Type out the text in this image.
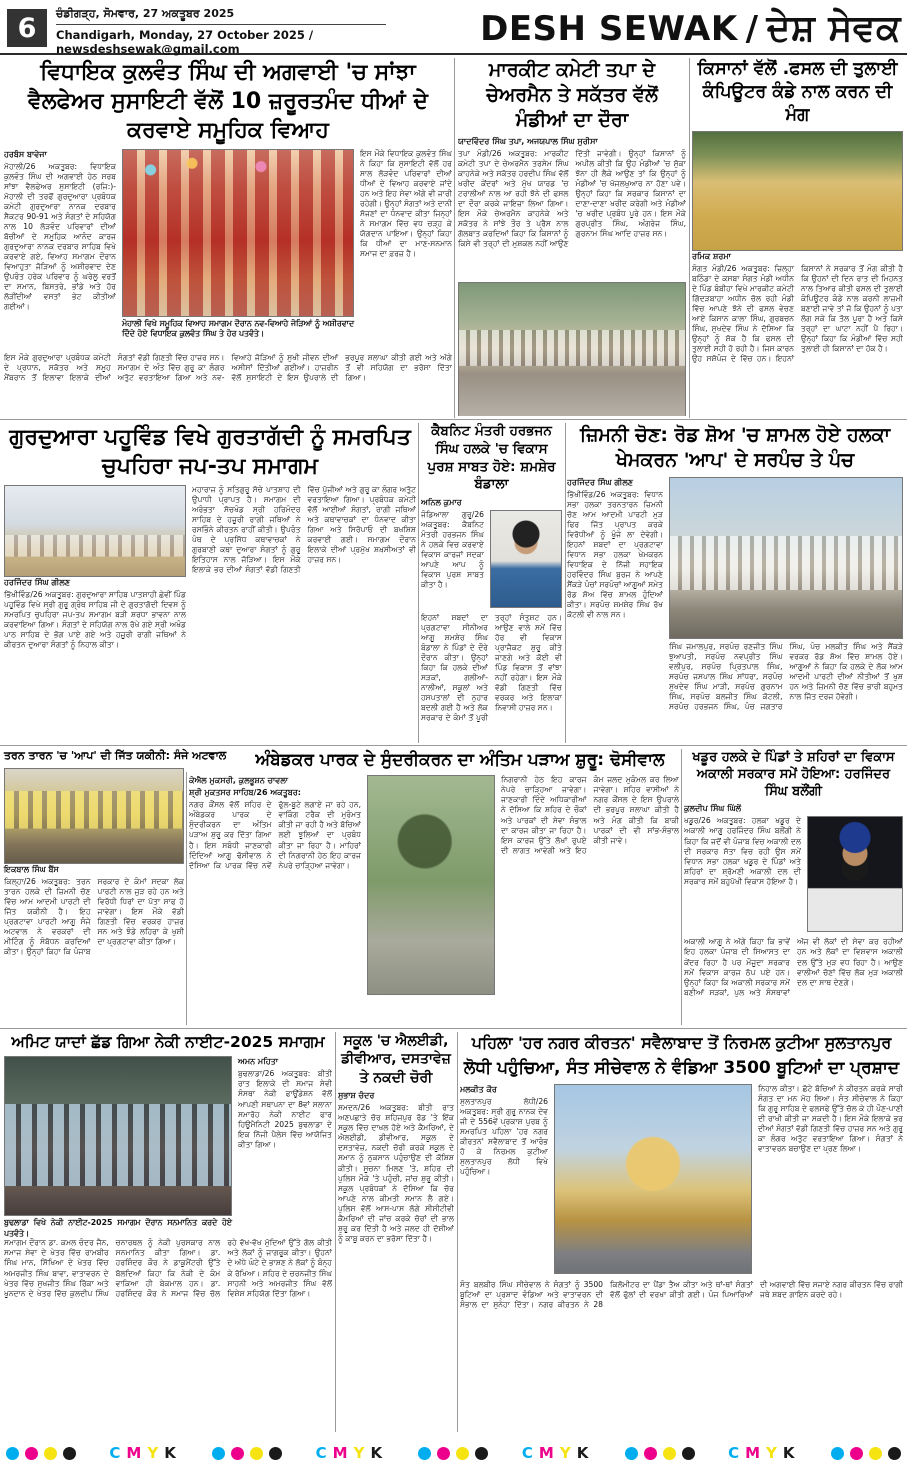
6	ਚੰਡੀਗੜ੍ਹ, ਸੋਮਵਾਰ, 27 ਅਕਤੂਬਰ 2025
Chandigarh, Monday, 27 October 2025 / newsdeshsewak@gmail.com	DESH SEWAK / ਦੇਸ਼ ਸੇਵਕ
ਵਿਧਾਇਕ ਕੁਲਵੰਤ ਸਿੰਘ ਦੀ ਅਗਵਾਈ 'ਚ ਸਾਂਝਾ ਵੈਲਫੇਅਰ ਸੁਸਾਇਟੀ ਵੱਲੋਂ 10 ਜ਼ਰੂਰਤਮੰਦ ਧੀਆਂ ਦੇ ਕਰਵਾਏ ਸਮੂਹਿਕ ਵਿਆਹ
ਹਰਬੰਸ ਬਾਵੇਜਾ
ਮੋਹਾਲੀ/26 ਅਕਤੂਬਰ: ਵਿਧਾਇਕ ਕੁਲਵੰਤ ਸਿੰਘ ਦੀ ਅਗਵਾਈ ਹੇਠ ਸਰਬ ਸਾਂਝਾ ਵੈਲਫੇਅਰ ਸੁਸਾਇਟੀ (ਰਜਿ:)-ਮੋਹਾਲੀ ਦੀ ਤਰਫੋਂ ਗੁਰਦੁਆਰਾ ਪ੍ਰਬੰਧਕ ਕਮੇਟੀ ਗੁਰਦੁਆਰਾ ਨਾਨਕ ਦਰਬਾਰ ਸੈਕਟਰ 90-91 ਅਤੇ ਸੰਗਤਾਂ ਦੇ ਸਹਿਯੋਗ ਨਾਲ 10 ਲੋੜਵੰਦ ਪਰਿਵਾਰਾਂ ਦੀਆਂ ਬੱਚੀਆਂ ਦੇ ਸਮੂਹਿਕ ਆਨੰਦ ਕਾਰਜ ਗੁਰਦੁਆਰਾ ਨਾਨਕ ਦਰਬਾਰ ਸਾਹਿਬ ਵਿਖੇ ਕਰਵਾਏ ਗਏ, ਵਿਆਹ ਸਮਾਗਮ ਦੌਰਾਨ ਵਿਆਹੁਤਾ ਜੋੜਿਆਂ ਨੂੰ ਅਸ਼ੀਰਵਾਦ ਦੇਣ ਉਪਰੰਤ ਹਰੇਕ ਪਰਿਵਾਰ ਨੂੰ ਘਰੇਲੂ ਵਰਤੋਂ ਦਾ ਸਮਾਨ, ਬਿਸਤਰੇ, ਭਾਂਡੇ ਅਤੇ ਹੋਰ ਲੋੜੀਂਦੀਆਂ ਵਸਤਾਂ ਭੇਟ ਕੀਤੀਆਂ ਗਈਆਂ।
ਮੋਹਾਲੀ ਵਿਖੇ ਸਮੂਹਿਕ ਵਿਆਹ ਸਮਾਗਮ ਦੌਰਾਨ ਨਵ-ਵਿਆਹੇ ਜੋੜਿਆਂ ਨੂੰ ਅਸ਼ੀਰਵਾਦ ਦਿੰਦੇ ਹੋਏ ਵਿਧਾਇਕ ਕੁਲਵੰਤ ਸਿੰਘ ਤੇ ਹੋਰ ਪਤਵੰਤੇ।
ਇਸ ਮੌਕੇ ਵਿਧਾਇਕ ਕੁਲਵੰਤ ਸਿੰਘ ਨੇ ਕਿਹਾ ਕਿ ਸੁਸਾਇਟੀ ਵੱਲੋਂ ਹਰ ਸਾਲ ਲੋੜਵੰਦ ਪਰਿਵਾਰਾਂ ਦੀਆਂ ਧੀਆਂ ਦੇ ਵਿਆਹ ਕਰਵਾਏ ਜਾਂਦੇ ਹਨ ਅਤੇ ਇਹ ਸੇਵਾ ਅੱਗੇ ਵੀ ਜਾਰੀ ਰਹੇਗੀ। ਉਨ੍ਹਾਂ ਸੰਗਤਾਂ ਅਤੇ ਦਾਨੀ ਸੱਜਣਾਂ ਦਾ ਧੰਨਵਾਦ ਕੀਤਾ ਜਿਨ੍ਹਾਂ ਨੇ ਸਮਾਗਮ ਵਿੱਚ ਵਧ ਚੜ੍ਹ ਕੇ ਯੋਗਦਾਨ ਪਾਇਆ। ਉਨ੍ਹਾਂ ਕਿਹਾ ਕਿ ਧੀਆਂ ਦਾ ਮਾਣ-ਸਨਮਾਨ ਸਮਾਜ ਦਾ ਫ਼ਰਜ਼ ਹੈ।
ਇਸ ਮੌਕੇ ਗੁਰਦੁਆਰਾ ਪ੍ਰਬੰਧਕ ਕਮੇਟੀ ਦੇ ਪ੍ਰਧਾਨ, ਸਕੱਤਰ ਅਤੇ ਸਮੂਹ ਮੈਂਬਰਾਨ ਤੋਂ ਇਲਾਵਾ ਇਲਾਕੇ ਦੀਆਂ ਸੰਗਤਾਂ ਵੱਡੀ ਗਿਣਤੀ ਵਿੱਚ ਹਾਜ਼ਰ ਸਨ। ਸਮਾਗਮ ਦੇ ਅੰਤ ਵਿੱਚ ਗੁਰੂ ਕਾ ਲੰਗਰ ਅਤੁੱਟ ਵਰਤਾਇਆ ਗਿਆ ਅਤੇ ਨਵ-ਵਿਆਹੇ ਜੋੜਿਆਂ ਨੂੰ ਸੁਖੀ ਜੀਵਨ ਦੀਆਂ ਅਸੀਸਾਂ ਦਿੱਤੀਆਂ ਗਈਆਂ। ਹਾਜ਼ਰੀਨ ਵੱਲੋਂ ਸੁਸਾਇਟੀ ਦੇ ਇਸ ਉਪਰਾਲੇ ਦੀ ਭਰਪੂਰ ਸ਼ਲਾਘਾ ਕੀਤੀ ਗਈ ਅਤੇ ਅੱਗੇ ਤੋਂ ਵੀ ਸਹਿਯੋਗ ਦਾ ਭਰੋਸਾ ਦਿੱਤਾ ਗਿਆ।
ਮਾਰਕੀਟ ਕਮੇਟੀ ਤਪਾ ਦੇ ਚੇਅਰਮੈਨ ਤੇ ਸਕੱਤਰ ਵੱਲੋਂ ਮੰਡੀਆਂ ਦਾ ਦੌਰਾ
ਯਾਦਵਿੰਦਰ ਸਿੰਘ ਤਪਾ, ਅਜਯਪਾਲ ਸਿੰਘ ਸੁਰੀਸਾ
ਤਪਾ ਮੰਡੀ/26 ਅਕਤੂਬਰ: ਮਾਰਕੀਟ ਕਮੇਟੀ ਤਪਾ ਦੇ ਚੇਅਰਮੈਨ ਤਰਸੇਮ ਸਿੰਘ ਕਾਹਨੇਕੇ ਅਤੇ ਸਕੱਤਰ ਹਰਦੀਪ ਸਿੰਘ ਵੱਲੋਂ ਖਰੀਦ ਕੇਂਦਰਾਂ ਅਤੇ ਮੁੱਖ ਯਾਰਡ 'ਚ ਟਰਾਲੀਆਂ ਨਾਲ ਆ ਰਹੀ ਝੋਨੇ ਦੀ ਫਸਲ ਦਾ ਦੌਰਾ ਕਰਕੇ ਜਾਇਜ਼ਾ ਲਿਆ ਗਿਆ। ਇਸ ਮੌਕੇ ਚੇਅਰਮੈਨ ਕਾਹਨੇਕੇ ਅਤੇ ਸਕੱਤਰ ਨੇ ਸਾਂਝੇ ਤੌਰ ਤੇ ਪ੍ਰੈਸ ਨਾਲ ਗੱਲਬਾਤ ਕਰਦਿਆਂ ਕਿਹਾ ਕਿ ਕਿਸਾਨਾਂ ਨੂੰ ਕਿਸੇ ਵੀ ਤਰ੍ਹਾਂ ਦੀ ਮੁਸ਼ਕਲ ਨਹੀਂ ਆਉਣ ਦਿੱਤੀ ਜਾਵੇਗੀ। ਉਨ੍ਹਾਂ ਕਿਸਾਨਾਂ ਨੂੰ ਅਪੀਲ ਕੀਤੀ ਕਿ ਉਹ ਮੰਡੀਆਂ 'ਚ ਸੁੱਕਾ ਝੋਨਾ ਹੀ ਲੈਕੇ ਆਉਣ ਤਾਂ ਕਿ ਉਨ੍ਹਾਂ ਨੂੰ ਮੰਡੀਆਂ 'ਚ ਖੱਜਲਖੁਆਰ ਨਾ ਹੋਣਾ ਪਵੇ। ਉਨ੍ਹਾਂ ਕਿਹਾ ਕਿ ਸਰਕਾਰ ਕਿਸਾਨਾਂ ਦਾ ਦਾਣਾ-ਦਾਣਾ ਖਰੀਦ ਕਰੇਗੀ ਅਤੇ ਮੰਡੀਆਂ 'ਚ ਖਰੀਦ ਪ੍ਰਬੰਧ ਪੂਰੇ ਹਨ। ਇਸ ਮੌਕੇ ਗੁਰਪ੍ਰੀਤ ਸਿੰਘ, ਅੰਗਰੇਜ ਸਿੰਘ, ਗੁਰਨਾਮ ਸਿੰਘ ਆਦਿ ਹਾਜ਼ਰ ਸਨ।
ਕਿਸਾਨਾਂ ਵੱਲੋਂ .ਫਸਲ ਦੀ ਤੁਲਾਈ ਕੰਪਿਊਟਰ ਕੰਡੇ ਨਾਲ ਕਰਨ ਦੀ ਮੰਗ
ਰਮਿਕ ਸ਼ਰਮਾ
ਸੰਗਤ ਮੰਡੀ/26 ਅਕਤੂਬਰ: ਜ਼ਿਲ੍ਹਾ ਬਠਿੰਡਾ ਦੇ ਕਸਬਾ ਸੰਗਤ ਮੰਡੀ ਅਧੀਨ ਦੇ ਪਿੰਡ ਬੰਬੀਹਾ ਵਿਖੇ ਮਾਰਕੀਟ ਕਮੇਟੀ ਗਿੱਦੜਬਾਹਾ ਅਧੀਨ ਚੱਲ ਰਹੀ ਮੰਡੀ ਵਿੱਚ ਆਪਣੇ ਝੋਨੇ ਦੀ ਫਸਲ ਵੇਚਣ ਆਏ ਕਿਸਾਨ ਕਾਲਾ ਸਿੰਘ, ਗੁਰਬਚਨ ਸਿੰਘ, ਸੁਖਦੇਵ ਸਿੰਘ ਨੇ ਦੱਸਿਆ ਕਿ ਉਨ੍ਹਾਂ ਨੂੰ ਸ਼ੱਕ ਹੈ ਕਿ ਫਸਲ ਦੀ ਤੁਲਾਈ ਸਹੀ ਹੋ ਰਹੀ ਹੈ। ਜਿਸ ਕਾਰਨ ਉਹ ਸਸ਼ੋਪੰਜ ਦੇ ਵਿੱਚ ਹਨ। ਇਹਨਾਂ ਕਿਸਾਨਾਂ ਨੇ ਸਰਕਾਰ ਤੋਂ ਮੰਗ ਕੀਤੀ ਹੈ ਕਿ ਉਹਨਾਂ ਦੀ ਦਿਨ ਰਾਤ ਦੀ ਮਿਹਨਤ ਨਾਲ ਤਿਆਰ ਕੀਤੀ ਫਸਲ ਦੀ ਤੁਲਾਈ ਕੰਪਿਊਟਰ ਕੰਡੇ ਨਾਲ ਕਰਨੀ ਲਾਜ਼ਮੀ ਬਣਾਈ ਜਾਵੇ ਤਾਂ ਜੋ ਕਿ ਉਹਨਾਂ ਨੂੰ ਪਤਾ ਲੱਗ ਸਕੇ ਕਿ ਤੋਲ ਪੂਰਾ ਹੈ ਅਤੇ ਕਿਸੇ ਤਰ੍ਹਾਂ ਦਾ ਘਾਟਾ ਨਹੀਂ ਪੈ ਰਿਹਾ। ਉਨ੍ਹਾਂ ਕਿਹਾ ਕਿ ਮੰਡੀਆਂ ਵਿੱਚ ਸਹੀ ਤੁਲਾਈ ਹੀ ਕਿਸਾਨਾਂ ਦਾ ਹੱਕ ਹੈ।
ਗੁਰਦੁਆਰਾ ਪਹੂਵਿੰਡ ਵਿਖੇ ਗੁਰਤਾਗੱਦੀ ਨੂੰ ਸਮਰਪਿਤ ਚੁਪਹਿਰਾ ਜਪ-ਤਪ ਸਮਾਗਮ
ਹਰਜਿੰਦਰ ਸਿੰਘ ਗੀਲਣ
ਭਿੱਖੀਵਿੰਡ/26 ਅਕਤੂਬਰ: ਗੁਰਦੁਆਰਾ ਸਾਹਿਬ ਪਾਤਸ਼ਾਹੀ ਛੇਵੀਂ ਪਿੰਡ ਪਹੂਵਿੰਡ ਵਿਖੇ ਸ੍ਰੀ ਗੁਰੂ ਗ੍ਰੰਥ ਸਾਹਿਬ ਜੀ ਦੇ ਗੁਰਤਾਗੱਦੀ ਦਿਵਸ ਨੂੰ ਸਮਰਪਿਤ ਚੁਪਹਿਰਾ ਜਪ-ਤਪ ਸਮਾਗਮ ਬੜੀ ਸ਼ਰਧਾ ਭਾਵਨਾ ਨਾਲ ਕਰਵਾਇਆ ਗਿਆ। ਸੰਗਤਾਂ ਦੇ ਸਹਿਯੋਗ ਨਾਲ ਰੱਖੇ ਗਏ ਸ੍ਰੀ ਅਖੰਡ ਪਾਠ ਸਾਹਿਬ ਦੇ ਭੋਗ ਪਾਏ ਗਏ ਅਤੇ ਹਜ਼ੂਰੀ ਰਾਗੀ ਜਥਿਆਂ ਨੇ ਕੀਰਤਨ ਦੁਆਰਾ ਸੰਗਤਾਂ ਨੂੰ ਨਿਹਾਲ ਕੀਤਾ।
ਮਹਾਰਾਜ ਨੂੰ ਸਤਿਗੁਰੂ ਸੱਚੇ ਪਾਤਸ਼ਾਹ ਦੀ ਉਪਾਧੀ ਪ੍ਰਾਪਤ ਹੈ। ਸਮਾਗਮ ਦੀ ਅਰੰਭਤਾ ਸੱਚਖੰਡ ਸ੍ਰੀ ਹਰਿਮੰਦਰ ਸਾਹਿਬ ਦੇ ਹਜ਼ੂਰੀ ਰਾਗੀ ਜਥਿਆਂ ਨੇ ਰਸਭਿੰਨੇ ਕੀਰਤਨ ਰਾਹੀਂ ਕੀਤੀ। ਉਪਰੰਤ ਪੰਥ ਦੇ ਪ੍ਰਸਿੱਧ ਕਥਾਵਾਚਕਾਂ ਨੇ ਗੁਰਬਾਣੀ ਕਥਾ ਦੁਆਰਾ ਸੰਗਤਾਂ ਨੂੰ ਗੁਰੂ ਇਤਿਹਾਸ ਨਾਲ ਜੋੜਿਆ। ਇਸ ਮੌਕੇ ਇਲਾਕੇ ਭਰ ਦੀਆਂ ਸੰਗਤਾਂ ਵੱਡੀ ਗਿਣਤੀ ਵਿੱਚ ਪੁੱਜੀਆਂ ਅਤੇ ਗੁਰੂ ਕਾ ਲੰਗਰ ਅਤੁੱਟ ਵਰਤਾਇਆ ਗਿਆ। ਪ੍ਰਬੰਧਕ ਕਮੇਟੀ ਵੱਲੋਂ ਆਈਆਂ ਸੰਗਤਾਂ, ਰਾਗੀ ਜਥਿਆਂ ਅਤੇ ਕਥਾਵਾਚਕਾਂ ਦਾ ਧੰਨਵਾਦ ਕੀਤਾ ਗਿਆ ਅਤੇ ਸਿਰੋਪਾਓ ਦੀ ਬਖਸ਼ਿਸ਼ ਕਰਵਾਈ ਗਈ। ਸਮਾਗਮ ਦੌਰਾਨ ਇਲਾਕੇ ਦੀਆਂ ਪ੍ਰਮੁੱਖ ਸ਼ਖ਼ਸੀਅਤਾਂ ਵੀ ਹਾਜ਼ਰ ਸਨ।
ਕੈਬਨਿਟ ਮੰਤਰੀ ਹਰਭਜਨ ਸਿੰਘ ਹਲਕੇ 'ਚ ਵਿਕਾਸ ਪੁਰਸ਼ ਸਾਬਤ ਹੋਏ: ਸ਼ਮਸ਼ੇਰ ਬੰਡਾਲਾ
ਅਨਿਲ ਕੁਮਾਰ
ਜੰਡਿਆਲਾ ਗੁਰੂ/26 ਅਕਤੂਬਰ: ਕੈਬਨਿਟ ਮੰਤਰੀ ਹਰਭਜਨ ਸਿੰਘ ਨੇ ਹਲਕੇ ਵਿਚ ਕਰਵਾਏ ਵਿਕਾਸ ਕਾਰਜਾਂ ਸਦਕਾ ਆਪਣੇ ਆਪ ਨੂੰ ਵਿਕਾਸ ਪੁਰਸ਼ ਸਾਬਤ ਕੀਤਾ ਹੈ।
ਇਹਨਾਂ ਸ਼ਬਦਾਂ ਦਾ ਪ੍ਰਗਟਾਵਾ ਸੀਨੀਅਰ ਆਗੂ ਸ਼ਮਸ਼ੇਰ ਸਿੰਘ ਬੰਡਾਲਾ ਨੇ ਪਿੰਡਾਂ ਦੇ ਦੌਰੇ ਦੌਰਾਨ ਕੀਤਾ। ਉਨ੍ਹਾਂ ਕਿਹਾ ਕਿ ਹਲਕੇ ਦੀਆਂ ਸੜਕਾਂ, ਗਲੀਆਂ-ਨਾਲੀਆਂ, ਸਕੂਲਾਂ ਅਤੇ ਹਸਪਤਾਲਾਂ ਦੀ ਨੁਹਾਰ ਬਦਲੀ ਗਈ ਹੈ ਅਤੇ ਲੋਕ ਸਰਕਾਰ ਦੇ ਕੰਮਾਂ ਤੋਂ ਪੂਰੀ ਤਰ੍ਹਾਂ ਸੰਤੁਸ਼ਟ ਹਨ। ਆਉਣ ਵਾਲੇ ਸਮੇਂ ਵਿੱਚ ਹੋਰ ਵੀ ਵਿਕਾਸ ਪ੍ਰਾਜੈਕਟ ਸ਼ੁਰੂ ਕੀਤੇ ਜਾਣਗੇ ਅਤੇ ਕੋਈ ਵੀ ਪਿੰਡ ਵਿਕਾਸ ਤੋਂ ਵਾਂਝਾ ਨਹੀਂ ਰਹੇਗਾ। ਇਸ ਮੌਕੇ ਵੱਡੀ ਗਿਣਤੀ ਵਿੱਚ ਵਰਕਰ ਅਤੇ ਇਲਾਕਾ ਨਿਵਾਸੀ ਹਾਜ਼ਰ ਸਨ।
ਜ਼ਿਮਨੀ ਚੋਣ: ਰੋਡ ਸ਼ੋਅ 'ਚ ਸ਼ਾਮਲ ਹੋਏ ਹਲਕਾ ਖੇਮਕਰਨ 'ਆਪ' ਦੇ ਸਰਪੰਚ ਤੇ ਪੰਚ
ਹਰਜਿੰਦਰ ਸਿੰਘ ਗੀਲਣ
ਭਿੱਖੀਵਿੰਡ/26 ਅਕਤੂਬਰ: ਵਿਧਾਨ ਸਭਾ ਹਲਕਾ ਤਰਨਤਾਰਨ ਜ਼ਿਮਨੀ ਚੋਣ ਆਮ ਆਦਮੀ ਪਾਰਟੀ ਮੁੜ ਫਿਰ ਜਿੱਤ ਪ੍ਰਾਪਤ ਕਰਕੇ ਵਿਰੋਧੀਆਂ ਨੂੰ ਖੂੰਜੇ ਲਾ ਦੇਵੇਗੀ। ਇਹਨਾਂ ਸ਼ਬਦਾਂ ਦਾ ਪ੍ਰਗਟਾਵਾ ਵਿਧਾਨ ਸਭਾ ਹਲਕਾ ਖੇਮਕਰਨ ਵਿਧਾਇਕ ਦੇ ਨਿੱਜੀ ਸਹਾਇਕ ਹਰਵਿੰਦਰ ਸਿੰਘ ਬੁਰਜ ਨੇ ਆਪਣੇ ਸੈਂਕੜੇ ਪੰਚਾਂ ਸਰਪੰਚਾਂ ਆਗੂਆਂ ਸਮੇਤ ਰੋਡ ਸ਼ੋਅ ਵਿੱਚ ਸ਼ਾਮਲ ਹੁੰਦਿਆਂ ਕੀਤਾ। ਸਰਪੰਚ ਸ਼ਮਸ਼ੇਰ ਸਿੰਘ ਰੱਖ ਕੋਟਲੀ ਵੀ ਨਾਲ ਸਨ।
ਸਿੰਘ ਜਮਾਲਪੁਰ, ਸਰਪੰਚ ਰਣਜੀਤ ਸਿੰਘ ਝੁਆਪਤੀ, ਸਰਪੰਚ ਨਵਪ੍ਰੀਤ ਸਿੰਘ ਵਲੀਪੁਰ, ਸਰਪੰਚ ਪ੍ਰਿਤਪਾਲ ਸਿੰਘ, ਸਰਪੰਚ ਜਸਪਾਲ ਸਿੰਘ ਸਾਂਧਰਾ, ਸਰਪੰਚ ਸੁਖਦੇਵ ਸਿੰਘ ਮਾੜੀ, ਸਰਪੰਚ ਗੁਰਨਾਮ ਸਿੰਘ, ਸਰਪੰਚ ਬਲਜੀਤ ਸਿੰਘ ਕੋਟਲੀ, ਸਰਪੰਚ ਹਰਭਜਨ ਸਿੰਘ, ਪੰਚ ਜਗਤਾਰ ਸਿੰਘ, ਪੰਚ ਮਲਕੀਤ ਸਿੰਘ ਅਤੇ ਸੈਂਕੜੇ ਵਰਕਰ ਰੋਡ ਸ਼ੋਅ ਵਿੱਚ ਸ਼ਾਮਲ ਹੋਏ। ਆਗੂਆਂ ਨੇ ਕਿਹਾ ਕਿ ਹਲਕੇ ਦੇ ਲੋਕ ਆਮ ਆਦਮੀ ਪਾਰਟੀ ਦੀਆਂ ਨੀਤੀਆਂ ਤੋਂ ਖੁਸ਼ ਹਨ ਅਤੇ ਜ਼ਿਮਨੀ ਚੋਣ ਵਿੱਚ ਭਾਰੀ ਬਹੁਮਤ ਨਾਲ ਜਿੱਤ ਦਰਜ ਹੋਵੇਗੀ।
ਤਰਨ ਤਾਰਨ 'ਚ 'ਆਪ' ਦੀ ਜਿੱਤ ਯਕੀਨੀ: ਸੰਜੇ ਅਟਵਾਲ
ਇਕਬਾਲ ਸਿੰਘ ਬੈਂਸ
ਕਿਲ੍ਹਾ/26 ਅਕਤੂਬਰ: ਤਰਨ ਤਾਰਨ ਹਲਕੇ ਦੀ ਜ਼ਿਮਨੀ ਚੋਣ ਵਿੱਚ ਆਮ ਆਦਮੀ ਪਾਰਟੀ ਦੀ ਜਿੱਤ ਯਕੀਨੀ ਹੈ। ਇਹ ਪ੍ਰਗਟਾਵਾ ਪਾਰਟੀ ਆਗੂ ਸੰਜੇ ਅਟਵਾਲ ਨੇ ਵਰਕਰਾਂ ਦੀ ਮੀਟਿੰਗ ਨੂੰ ਸੰਬੋਧਨ ਕਰਦਿਆਂ ਕੀਤਾ। ਉਨ੍ਹਾਂ ਕਿਹਾ ਕਿ ਪੰਜਾਬ ਸਰਕਾਰ ਦੇ ਕੰਮਾਂ ਸਦਕਾ ਲੋਕ ਪਾਰਟੀ ਨਾਲ ਜੁੜ ਰਹੇ ਹਨ ਅਤੇ ਵਿਰੋਧੀ ਧਿਰਾਂ ਦਾ ਪੱਤਾ ਸਾਫ ਹੋ ਜਾਵੇਗਾ। ਇਸ ਮੌਕੇ ਵੱਡੀ ਗਿਣਤੀ ਵਿੱਚ ਵਰਕਰ ਹਾਜ਼ਰ ਸਨ ਅਤੇ ਝੰਡੇ ਲਹਿਰਾ ਕੇ ਖੁਸ਼ੀ ਦਾ ਪ੍ਰਗਟਾਵਾ ਕੀਤਾ ਗਿਆ।
ਅੰਬੇਡਕਰ ਪਾਰਕ ਦੇ ਸੁੰਦਰੀਕਰਨ ਦਾ ਅੰਤਿਮ ਪੜਾਅ ਸ਼ੁਰੂ: ਢੋਸੀਵਾਲ
ਕੇਐਲ ਮੁਕਸਰੀ, ਕੁਲਭੂਸ਼ਨ ਚਾਵਲਾ
ਸ਼੍ਰੀ ਮੁਕਤਸਰ ਸਾਹਿਬ/26 ਅਕਤੂਬਰ:
ਨਗਰ ਕੌਂਸਲ ਵੱਲੋਂ ਸ਼ਹਿਰ ਦੇ ਅੰਬੇਡਕਰ ਪਾਰਕ ਦੇ ਸੁੰਦਰੀਕਰਨ ਦਾ ਅੰਤਿਮ ਪੜਾਅ ਸ਼ੁਰੂ ਕਰ ਦਿੱਤਾ ਗਿਆ ਹੈ। ਇਸ ਸਬੰਧੀ ਜਾਣਕਾਰੀ ਦਿੰਦਿਆਂ ਆਗੂ ਢੋਸੀਵਾਲ ਨੇ ਦੱਸਿਆ ਕਿ ਪਾਰਕ ਵਿੱਚ ਨਵੇਂ ਫੁੱਲ-ਬੂਟੇ ਲਗਾਏ ਜਾ ਰਹੇ ਹਨ, ਵਾਕਿੰਗ ਟਰੈਕ ਦੀ ਮੁਰੰਮਤ ਕੀਤੀ ਜਾ ਰਹੀ ਹੈ ਅਤੇ ਬੱਚਿਆਂ ਲਈ ਝੂਲਿਆਂ ਦਾ ਪ੍ਰਬੰਧ ਕੀਤਾ ਜਾ ਰਿਹਾ ਹੈ। ਮਾਹਿਰਾਂ ਦੀ ਨਿਗਰਾਨੀ ਹੇਠ ਇਹ ਕਾਰਜ ਨੇਪਰੇ ਚਾੜ੍ਹਿਆ ਜਾਵੇਗਾ।
ਨਿਗਰਾਨੀ ਹੇਠ ਇਹ ਕਾਰਜ ਨੇਪਰੇ ਚਾੜ੍ਹਿਆ ਜਾਵੇਗਾ। ਜਾਣਕਾਰੀ ਦਿੰਦੇ ਅਧਿਕਾਰੀਆਂ ਨੇ ਦੱਸਿਆ ਕਿ ਸ਼ਹਿਰ ਦੇ ਚੌਕਾਂ ਅਤੇ ਪਾਰਕਾਂ ਦੀ ਸੇਵਾ ਸੰਭਾਲ ਦਾ ਕਾਰਜ ਕੀਤਾ ਜਾ ਰਿਹਾ ਹੈ। ਇਸ ਕਾਰਜ ਉੱਤੇ ਲੱਖਾਂ ਰੁਪਏ ਦੀ ਲਾਗਤ ਆਵੇਗੀ ਅਤੇ ਇਹ ਕੰਮ ਜਲਦ ਮੁਕੰਮਲ ਕਰ ਲਿਆ ਜਾਵੇਗਾ। ਸ਼ਹਿਰ ਵਾਸੀਆਂ ਨੇ ਨਗਰ ਕੌਂਸਲ ਦੇ ਇਸ ਉਪਰਾਲੇ ਦੀ ਭਰਪੂਰ ਸ਼ਲਾਘਾ ਕੀਤੀ ਹੈ ਅਤੇ ਮੰਗ ਕੀਤੀ ਕਿ ਬਾਕੀ ਪਾਰਕਾਂ ਦੀ ਵੀ ਸਾਂਭ-ਸੰਭਾਲ ਕੀਤੀ ਜਾਵੇ।
ਖਡੂਰ ਹਲਕੇ ਦੇ ਪਿੰਡਾਂ ਤੇ ਸ਼ਹਿਰਾਂ ਦਾ ਵਿਕਾਸ ਅਕਾਲੀ ਸਰਕਾਰ ਸਮੇਂ ਹੋਇਆ: ਹਰਜਿੰਦਰ ਸਿੰਘ ਬਲੌਂਗੀ
ਕੁਲਦੀਪ ਸਿੰਘ ਘਿੱਲੋਂ
ਖਡੂਰ/26 ਅਕਤੂਬਰ: ਹਲਕਾ ਖਡੂਰ ਦੇ ਅਕਾਲੀ ਆਗੂ ਹਰਜਿੰਦਰ ਸਿੰਘ ਬਲੌਂਗੀ ਨੇ ਕਿਹਾ ਕਿ ਜਦੋਂ ਵੀ ਪੰਜਾਬ ਵਿਚ ਅਕਾਲੀ ਦਲ ਦੀ ਸਰਕਾਰ ਸੱਤਾ ਵਿਚ ਰਹੀ ਉਸ ਸਮੇਂ ਵਿਧਾਨ ਸਭਾ ਹਲਕਾ ਖਡੂਰ ਦੇ ਪਿੰਡਾਂ ਅਤੇ ਸ਼ਹਿਰਾਂ ਦਾ ਸ਼੍ਰੋਮਣੀ ਅਕਾਲੀ ਦਲ ਦੀ ਸਰਕਾਰ ਸਮੇਂ ਬਹੁਪੱਖੀ ਵਿਕਾਸ ਹੋਇਆ ਹੈ।
ਅਕਾਲੀ ਆਗੂ ਨੇ ਅੱਗੇ ਕਿਹਾ ਕਿ ਭਾਵੇਂ ਇਹ ਹਲਕਾ ਪੰਜਾਬ ਦੀ ਸਿਆਸਤ ਦਾ ਕੇਂਦਰ ਰਿਹਾ ਹੈ ਪਰ ਮੌਜੂਦਾ ਸਰਕਾਰ ਸਮੇਂ ਵਿਕਾਸ ਕਾਰਜ ਠੱਪ ਪਏ ਹਨ। ਉਨ੍ਹਾਂ ਕਿਹਾ ਕਿ ਅਕਾਲੀ ਸਰਕਾਰ ਸਮੇਂ ਬਣੀਆਂ ਸੜਕਾਂ, ਪੁਲ ਅਤੇ ਸੰਸਥਾਵਾਂ ਅੱਜ ਵੀ ਲੋਕਾਂ ਦੀ ਸੇਵਾ ਕਰ ਰਹੀਆਂ ਹਨ ਅਤੇ ਲੋਕਾਂ ਦਾ ਵਿਸ਼ਵਾਸ ਅਕਾਲੀ ਦਲ ਉੱਤੇ ਮੁੜ ਵਧ ਰਿਹਾ ਹੈ। ਆਉਣ ਵਾਲੀਆਂ ਚੋਣਾਂ ਵਿੱਚ ਲੋਕ ਮੁੜ ਅਕਾਲੀ ਦਲ ਦਾ ਸਾਥ ਦੇਣਗੇ।
ਅਮਿਟ ਯਾਦਾਂ ਛੱਡ ਗਿਆ ਨੇਕੀ ਨਾਈਟ-2025 ਸਮਾਗਮ
ਬੁਢਲਾਡਾ ਵਿਖੇ ਨੇਕੀ ਨਾਈਟ-2025 ਸਮਾਗਮ ਦੌਰਾਨ ਸਨਮਾਨਿਤ ਕਰਦੇ ਹੋਏ ਪਤਵੰਤੇ।
ਅਮਨ ਮਹਿਤਾ
ਬੁਢਲਾਡਾ/26 ਅਕਤੂਬਰ: ਬੀਤੀ ਰਾਤ ਇਲਾਕੇ ਦੀ ਸਮਾਜ ਸੇਵੀ ਸੰਸਥਾ ਨੇਕੀ ਫਾਊਂਡੇਸ਼ਨ ਵੱਲੋਂ ਆਪਣੀ ਸਥਾਪਨਾ ਦਾ 8ਵਾਂ ਸਲਾਨਾ ਸਮਾਰੋਹ ਨੇਕੀ ਨਾਈਟ ਫਾਰ ਹਿਊਮੈਨਿਟੀ 2025 ਬੁਢਲਾਡਾ ਦੇ ਇਕ ਨਿੱਜੀ ਪੈਲੇਸ ਵਿੱਚ ਆਯੋਜਿਤ ਕੀਤਾ ਗਿਆ।
ਸਮਾਗਮ ਦੌਰਾਨ ਡਾ. ਕਮਲ ਚੰਦਰ ਜੈਨ, ਸਮਾਜ ਸੇਵਾ ਦੇ ਖੇਤਰ ਵਿੱਚ ਰਾਮਬੀਰ ਸਿੰਘ ਮਾਨ, ਸਿੱਖਿਆ ਦੇ ਖੇਤਰ ਵਿੱਚ ਅਮਰਜੀਤ ਸਿੰਘ ਬਾਵਾ, ਵਾਤਾਵਰਨ ਦੇ ਖੇਤਰ ਵਿੱਚ ਸੁਖਜੀਤ ਸਿੰਘ ਰਿੱਕਾ ਅਤੇ ਖੂਨਦਾਨ ਦੇ ਖੇਤਰ ਵਿੱਚ ਕੁਲਦੀਪ ਸਿੰਘ ਚਨਾਰਥਲ ਨੂੰ ਨੇਕੀ ਪੁਰਸਕਾਰ ਨਾਲ ਸਨਮਾਨਿਤ ਕੀਤਾ ਗਿਆ। ਡਾ. ਹਰਸ਼ਿੰਦਰ ਕੌਰ ਨੇ ਡਾਕੂਮੈਂਟਰੀ ਉੱਤੇ ਬੋਲਦਿਆਂ ਕਿਹਾ ਕਿ ਨੇਕੀ ਦੇ ਕੰਮ ਵਾਕਿਆ ਹੀ ਬੇਕਮਾਲ ਹਨ। ਡਾ. ਹਰਸ਼ਿੰਦਰ ਕੌਰ ਨੇ ਸਮਾਜ ਵਿੱਚ ਚੱਲ ਰਹੇ ਵੱਖ-ਵੱਖ ਮੁੱਦਿਆਂ ਉੱਤੇ ਗੱਲ ਕੀਤੀ ਅਤੇ ਲੋਕਾਂ ਨੂੰ ਜਾਗਰੂਕ ਕੀਤਾ। ਉਹਨਾਂ ਦੇ ਅੱਧੇ ਘੰਟੇ ਦੇ ਭਾਸ਼ਣ ਨੇ ਲੋਕਾਂ ਨੂੰ ਬੰਨ੍ਹ ਕੇ ਰੱਖਿਆ। ਸ਼ਹਿਰ ਦੇ ਚਰਨਜੀਤ ਸਿੰਘ ਸਾਹਨੀ ਅਤੇ ਅਮਰਜੀਤ ਸਿੰਘ ਵੱਲੋਂ ਵਿਸ਼ੇਸ਼ ਸਹਿਯੋਗ ਦਿੱਤਾ ਗਿਆ।
ਸਕੂਲ 'ਚ ਐਲਈਡੀ, ਡੀਵੀਆਰ, ਦਸਤਾਵੇਜ਼ ਤੇ ਨਕਦੀ ਚੋਰੀ
ਸੁਭਾਸ਼ ਚੰਦਰ
ਸਮਦਨ/26 ਅਕਤੂਬਰ: ਬੀਤੀ ਰਾਤ ਅਣਪਛਾਤੇ ਚੋਰ ਸ਼ਹਿਜਪੁਰ ਰੋਡ 'ਤੇ ਇੱਕ ਸਕੂਲ ਵਿੱਚ ਦਾਖਲ ਹੋਏ ਅਤੇ ਕੈਮਰਿਆਂ, ਦੇ ਐਲਈਡੀ, ਡੀਵੀਆਰ, ਸਕੂਲ ਦੇ ਦਸਤਾਵੇਜ਼, ਨਕਦੀ ਚੋਰੀ ਕਰਕੇ ਸਕੂਲ ਦੇ ਸਮਾਨ ਨੂੰ ਨੁਕਸਾਨ ਪਹੁੰਚਾਉਣ ਦੀ ਕੋਸ਼ਿਸ਼ ਕੀਤੀ। ਸੂਚਨਾ ਮਿਲਣ 'ਤੇ, ਸ਼ਹਿਰ ਦੀ ਪੁਲਿਸ ਮੌਕੇ 'ਤੇ ਪਹੁੰਚੀ, ਜਾਂਚ ਸ਼ੁਰੂ ਕੀਤੀ। ਸਕੂਲ ਪ੍ਰਬੰਧਕਾਂ ਨੇ ਦੱਸਿਆ ਕਿ ਚੋਰ ਆਪਣੇ ਨਾਲ ਕੀਮਤੀ ਸਮਾਨ ਲੈ ਗਏ। ਪੁਲਿਸ ਵੱਲੋਂ ਆਸ-ਪਾਸ ਲੱਗੇ ਸੀਸੀਟੀਵੀ ਕੈਮਰਿਆਂ ਦੀ ਜਾਂਚ ਕਰਕੇ ਚੋਰਾਂ ਦੀ ਭਾਲ ਸ਼ੁਰੂ ਕਰ ਦਿੱਤੀ ਹੈ ਅਤੇ ਜਲਦ ਹੀ ਦੋਸ਼ੀਆਂ ਨੂੰ ਕਾਬੂ ਕਰਨ ਦਾ ਭਰੋਸਾ ਦਿੱਤਾ ਹੈ।
ਪਹਿਲਾ 'ਹਰ ਨਗਰ ਕੀਰਤਨ' ਸਵੈਲਾਬਾਦ ਤੋਂ ਨਿਰਮਲ ਕੁਟੀਆ ਸੁਲਤਾਨਪੁਰ
ਲੋਧੀ ਪਹੁੰਚਿਆ, ਸੰਤ ਸੀਚੇਵਾਲ ਨੇ ਵੰਡਿਆ 3500 ਬੂਟਿਆਂ ਦਾ ਪ੍ਰਸ਼ਾਦ
ਮਲਕੀਤ ਕੌਰ
ਸੁਲਤਾਨਪੁਰ ਲੋਧੀ/26 ਅਕਤੂਬਰ: ਸ੍ਰੀ ਗੁਰੂ ਨਾਨਕ ਦੇਵ ਜੀ ਦੇ 556ਵੇਂ ਪ੍ਰਕਾਸ਼ ਪੁਰਬ ਨੂੰ ਸਮਰਪਿਤ ਪਹਿਲਾ 'ਹਰ ਨਗਰ ਕੀਰਤਨ' ਸਵੈਲਾਬਾਦ ਤੋਂ ਆਰੰਭ ਹੋ ਕੇ ਨਿਰਮਲ ਕੁਟੀਆ ਸੁਲਤਾਨਪੁਰ ਲੋਧੀ ਵਿਖੇ ਪਹੁੰਚਿਆ।
ਨਿਹਾਲ ਕੀਤਾ। ਛੋਟੇ ਬੱਚਿਆਂ ਨੇ ਕੀਰਤਨ ਕਰਕੇ ਸਾਰੀ ਸੰਗਤ ਦਾ ਮਨ ਮੋਹ ਲਿਆ। ਸੰਤ ਸੀਚੇਵਾਲ ਨੇ ਕਿਹਾ ਕਿ ਗੁਰੂ ਸਾਹਿਬ ਦੇ ਫਲਸਫੇ ਉੱਤੇ ਚੱਲ ਕੇ ਹੀ ਪੌਣ-ਪਾਣੀ ਦੀ ਰਾਖੀ ਕੀਤੀ ਜਾ ਸਕਦੀ ਹੈ। ਇਸ ਮੌਕੇ ਇਲਾਕੇ ਭਰ ਦੀਆਂ ਸੰਗਤਾਂ ਵੱਡੀ ਗਿਣਤੀ ਵਿੱਚ ਹਾਜ਼ਰ ਸਨ ਅਤੇ ਗੁਰੂ ਕਾ ਲੰਗਰ ਅਤੁੱਟ ਵਰਤਾਇਆ ਗਿਆ। ਸੰਗਤਾਂ ਨੇ ਵਾਤਾਵਰਨ ਬਚਾਉਣ ਦਾ ਪ੍ਰਣ ਲਿਆ।
ਸੰਤ ਬਲਬੀਰ ਸਿੰਘ ਸੀਚੇਵਾਲ ਨੇ ਸੰਗਤਾਂ ਨੂੰ 3500 ਬੂਟਿਆਂ ਦਾ ਪ੍ਰਸ਼ਾਦ ਵੰਡਿਆ ਅਤੇ ਵਾਤਾਵਰਨ ਦੀ ਸੰਭਾਲ ਦਾ ਸੁਨੇਹਾ ਦਿੱਤਾ। ਨਗਰ ਕੀਰਤਨ ਨੇ 28 ਕਿਲੋਮੀਟਰ ਦਾ ਪੈਂਡਾ ਤੈਅ ਕੀਤਾ ਅਤੇ ਥਾਂ-ਥਾਂ ਸੰਗਤਾਂ ਵੱਲੋਂ ਫੁੱਲਾਂ ਦੀ ਵਰਖਾ ਕੀਤੀ ਗਈ। ਪੰਜ ਪਿਆਰਿਆਂ ਦੀ ਅਗਵਾਈ ਵਿੱਚ ਸਜਾਏ ਨਗਰ ਕੀਰਤਨ ਵਿੱਚ ਰਾਗੀ ਜਥੇ ਸ਼ਬਦ ਗਾਇਨ ਕਰਦੇ ਰਹੇ।
C M Y K	C M Y K	C M Y K	C M Y K
